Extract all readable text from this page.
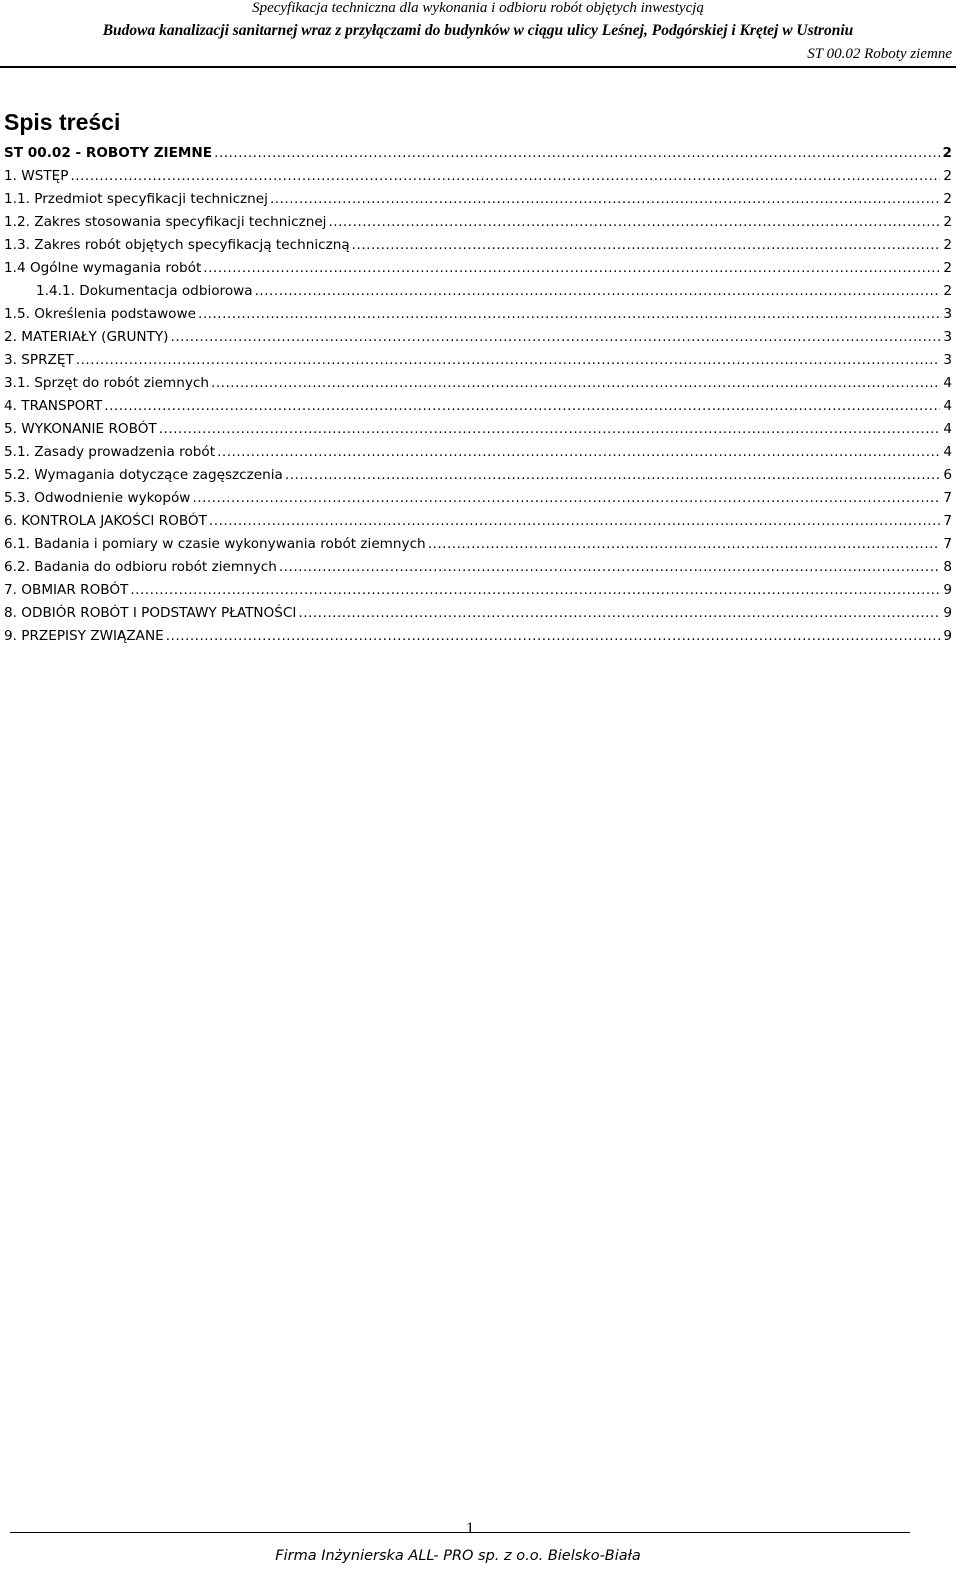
Specyfikacja techniczna dla wykonania i odbioru robót objętych inwestycją
Budowa kanalizacji sanitarnej wraz z przyłączami do budynków w ciągu ulicy Leśnej, Podgórskiej i Krętej w Ustroniu
ST 00.02 Roboty ziemne
Spis treści
ST 00.02 - ROBOTY ZIEMNE .....	2
1. WSTĘP .....	2
1.1. Przedmiot specyfikacji technicznej .....	2
1.2. Zakres stosowania specyfikacji technicznej .....	2
1.3. Zakres robót objętych specyfikacją techniczną .....	2
1.4 Ogólne wymagania robót .....	2
1.4.1. Dokumentacja odbiorowa .....	2
1.5. Określenia podstawowe .....	3
2. MATERIAŁY (GRUNTY) .....	3
3. SPRZĘT .....	3
3.1. Sprzęt do robót ziemnych .....	4
4. TRANSPORT .....	4
5. WYKONANIE ROBÓT .....	4
5.1. Zasady prowadzenia robót .....	4
5.2. Wymagania dotyczące zagęszczenia .....	6
5.3. Odwodnienie wykopów .....	7
6. KONTROLA JAKOŚCI ROBÓT .....	7
6.1. Badania i pomiary w czasie wykonywania robót ziemnych .....	7
6.2. Badania do odbioru robót ziemnych .....	8
7. OBMIAR ROBÓT .....	9
8. ODBIÓR ROBÓT I PODSTAWY PŁATNOŚCI .....	9
9. PRZEPISY ZWIĄZANE .....	9
1
Firma Inżynierska ALL- PRO sp. z o.o. Bielsko-Biała
